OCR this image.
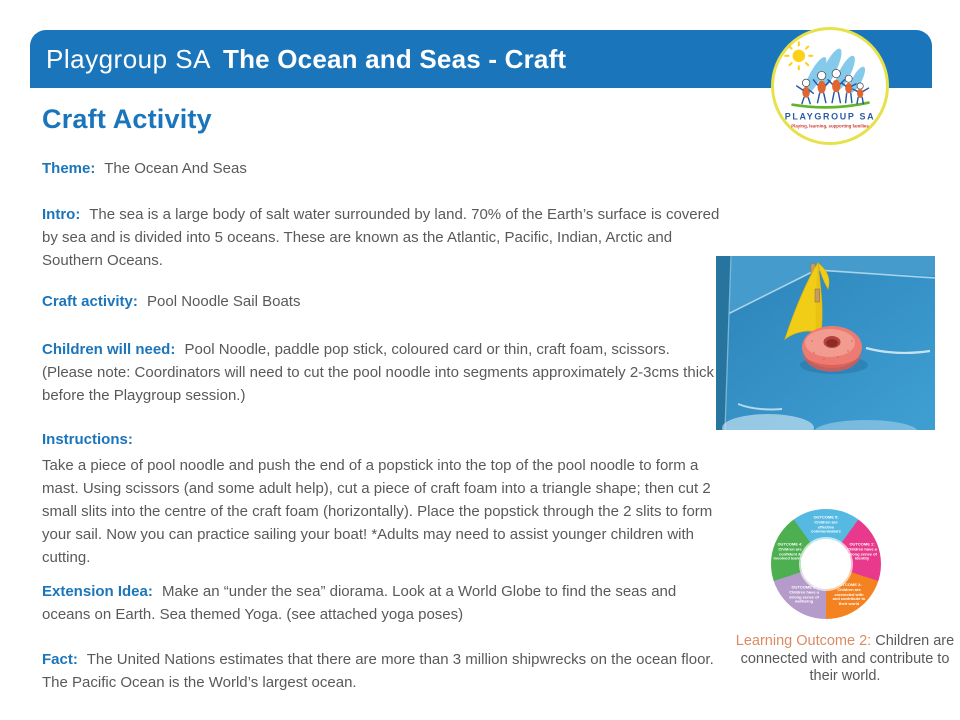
Playgroup SA The Ocean and Seas - Craft
PLAYGROUP SA
Playing, learning, supporting families
Craft Activity
Theme: The Ocean And Seas
Intro: The sea is a large body of salt water surrounded by land. 70% of the Earth’s surface is covered by sea and is divided into 5 oceans. These are known as the Atlantic, Pacific, Indian, Arctic and Southern Oceans.
Craft activity: Pool Noodle Sail Boats
Children will need: Pool Noodle, paddle pop stick, coloured card or thin, craft foam, scissors.
(Please note: Coordinators will need to cut the pool noodle into segments approximately 2-3cms thick before the Playgroup session.)
Instructions:
Take a piece of pool noodle and push the end of a popstick into the top of the pool noodle to form a mast. Using scissors (and some adult help), cut a piece of craft foam into a triangle shape; then cut 2 small slits into the centre of the craft foam (horizontally). Place the popstick through the 2 slits to form your sail. Now you can practice sailing your boat! *Adults may need to assist younger children with cutting.
Extension Idea: Make an “under the sea” diorama. Look at a World Globe to find the seas and oceans on Earth. Sea themed Yoga. (see attached yoga poses)
Fact: The United Nations estimates that there are more than 3 million shipwrecks on the ocean floor. The Pacific Ocean is the World’s largest ocean.
OUTCOME 5: Children are effective communicators
OUTCOME 1: Children have a strong sense of identity
OUTCOME 2: Children are connected with and contribute to their world
OUTCOME 3: Children have a strong sense of wellbeing
OUTCOME 4: Children are confident & involved learners
Learning Outcome 2: Children are connected with and contribute to their world.
